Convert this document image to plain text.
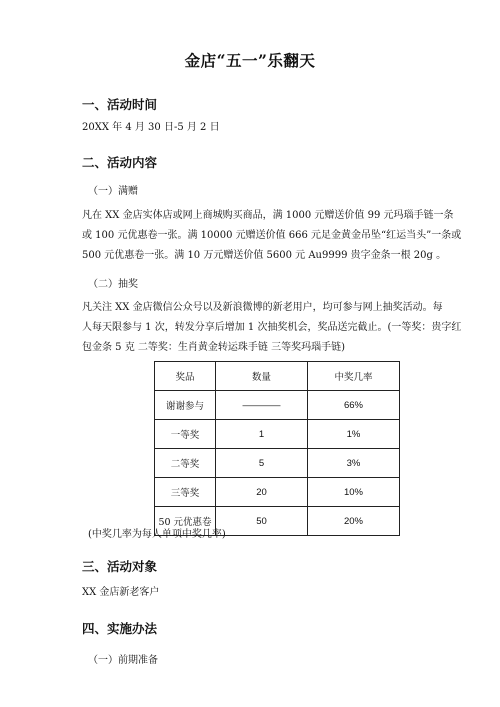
金店“五一”乐翻天
一、活动时间
20XX 年 4 月 30 日-5 月 2 日
二、活动内容
（一）满赠
凡在 XX 金店实体店或网上商城购买商品，满 1000 元赠送价值 99 元玛瑙手链一条
或 100 元优惠卷一张。满 10000 元赠送价值 666 元足金黄金吊坠“红运当头”一条或
500 元优惠卷一张。满 10 万元赠送价值 5600 元 Au9999 贵字金条一根 20g 。
（二）抽奖
凡关注 XX 金店微信公众号以及新浪微博的新老用户，均可参与网上抽奖活动。每
人每天限参与 1 次，转发分享后增加 1 次抽奖机会，奖品送完截止。(一等奖：贵字红
包金条 5 克 二等奖：生肖黄金转运珠手链 三等奖玛瑙手链)
奖品	数量	中奖几率
谢谢参与	————	66%
一等奖	1	1%
二等奖	5	3%
三等奖	20	10%
50 元优惠卷	50	20%
(中奖几率为每人单项中奖几率)
三、活动对象
XX 金店新老客户
四、实施办法
（一）前期准备
